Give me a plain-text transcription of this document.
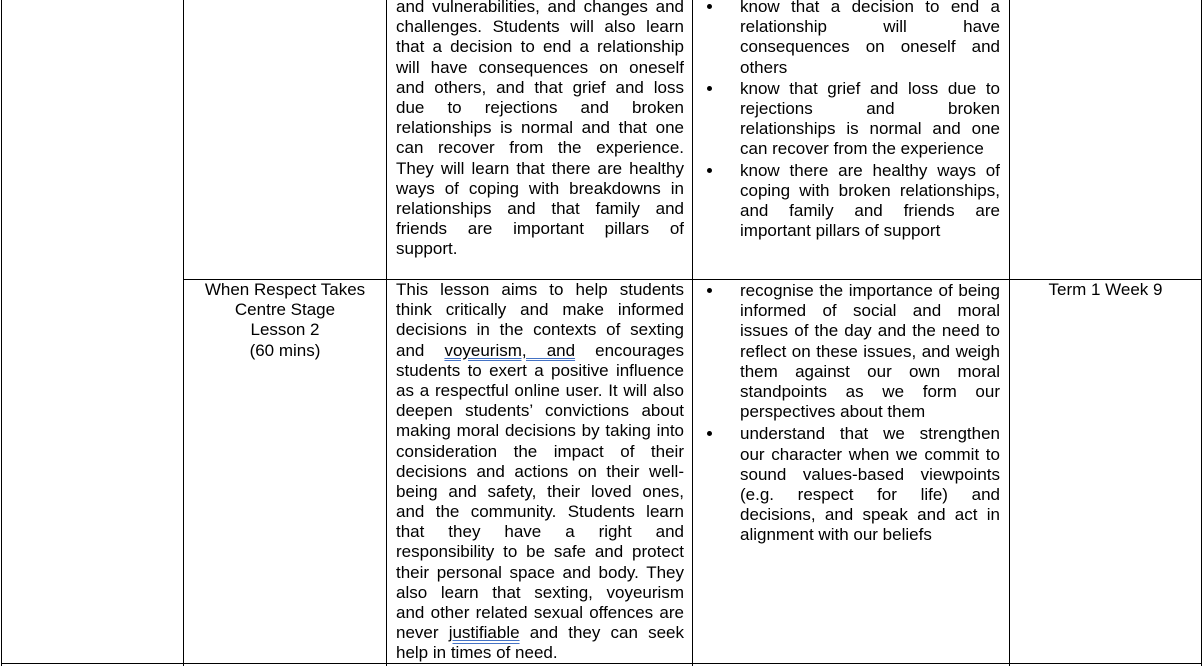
and vulnerabilities, and changes and
challenges. Students will also learn
that a decision to end a relationship
will have consequences on oneself
and others, and that grief and loss
due to rejections and broken
relationships is normal and that one
can recover from the experience.
They will learn that there are healthy
ways of coping with breakdowns in
relationships and that family and
friends are important pillars of
support.
know that a decision to end a
relationship will have
consequences on oneself and
others
know that grief and loss due to
rejections and broken
relationships is normal and one
can recover from the experience
know there are healthy ways of
coping with broken relationships,
and family and friends are
important pillars of support
When Respect Takes
Centre Stage
Lesson 2
(60 mins)
This lesson aims to help students
think critically and make informed
decisions in the contexts of sexting
and voyeurism, and encourages
students to exert a positive influence
as a respectful online user. It will also
deepen students’ convictions about
making moral decisions by taking into
consideration the impact of their
decisions and actions on their well-
being and safety, their loved ones,
and the community. Students learn
that they have a right and
responsibility to be safe and protect
their personal space and body. They
also learn that sexting, voyeurism
and other related sexual offences are
never justifiable and they can seek
help in times of need.
recognise the importance of being
informed of social and moral
issues of the day and the need to
reflect on these issues, and weigh
them against our own moral
standpoints as we form our
perspectives about them
understand that we strengthen
our character when we commit to
sound values-based viewpoints
(e.g. respect for life) and
decisions, and speak and act in
alignment with our beliefs
Term 1 Week 9
